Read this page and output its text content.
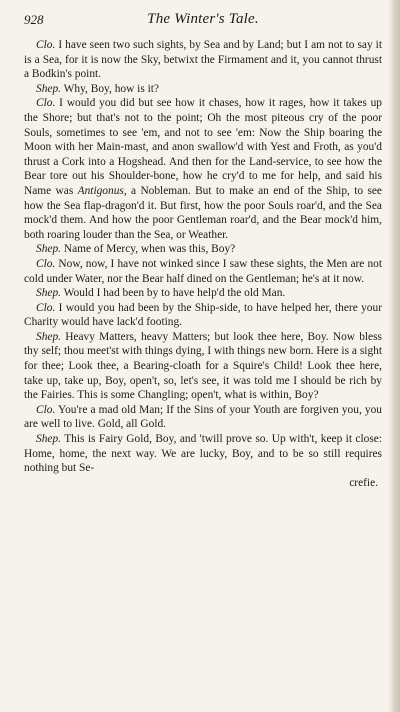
928	The Winter's Tale.

Clo. I have seen two such sights, by Sea and by Land; but I am not to say it is a Sea, for it is now the Sky, betwixt the Firmament and it, you cannot thrust a Bodkin's point.

Shep. Why, Boy, how is it?

Clo. I would you did but see how it chases, how it rages, how it takes up the Shore; but that's not to the point; Oh the most piteous cry of the poor Souls, sometimes to see 'em, and not to see 'em: Now the Ship boaring the Moon with her Main-mast, and anon swallow'd with Yest and Froth, as you'd thrust a Cork into a Hogshead. And then for the Land-service, to see how the Bear tore out his Shoulder-bone, how he cry'd to me for help, and said his Name was Antigonus, a Nobleman. But to make an end of the Ship, to see how the Sea flap-dragon'd it. But first, how the poor Souls roar'd, and the Sea mock'd them. And how the poor Gentleman roar'd, and the Bear mock'd him, both roaring louder than the Sea, or Weather.

Shep. Name of Mercy, when was this, Boy?

Clo. Now, now, I have not winked since I saw these sights, the Men are not cold under Water, nor the Bear half dined on the Gentleman; he's at it now.

Shep. Would I had been by to have help'd the old Man.

Clo. I would you had been by the Ship-side, to have helped her, there your Charity would have lack'd footing.

Shep. Heavy Matters, heavy Matters; but look thee here, Boy. Now bless thy self; thou meet'st with things dying, I with things new born. Here is a sight for thee; Look thee, a Bearing-cloath for a Squire's Child! Look thee here, take up, take up, Boy, open't, so, let's see, it was told me I should be rich by the Fairies. This is some Changling; open't, what is within, Boy?

Clo. You're a mad old Man; If the Sins of your Youth are forgiven you, you are well to live. Gold, all Gold.

Shep. This is Fairy Gold, Boy, and 'twill prove so. Up with't, keep it close: Home, home, the next way. We are lucky, Boy, and to be so still requires nothing but Se-

crefie.
